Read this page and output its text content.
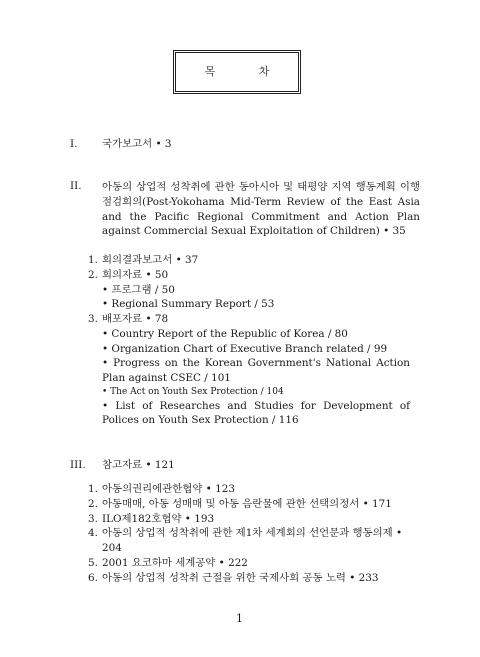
목 차
I.	국가보고서 • 3
II.	아동의 상업적 성착취에 관한 동아시아 및 태평양 지역 행동계획 이행 점검회의(Post-Yokohama Mid-Term Review of the East Asia and the Pacific Regional Commitment and Action Plan against Commercial Sexual Exploitation of Children) • 35
1. 회의결과보고서 • 37
2. 회의자료 • 50
• 프로그램 / 50
• Regional Summary Report / 53
3. 배포자료 • 78
• Country Report of the Republic of Korea / 80
• Organization Chart of Executive Branch related / 99
• Progress on the Korean Government's National Action Plan against CSEC / 101
• The Act on Youth Sex Protection / 104
• List of Researches and Studies for Development of Polices on Youth Sex Protection / 116
III.	참고자료 • 121
1. 아동의권리에관한협약 • 123
2. 아동매매, 아동 성매매 및 아동 음란물에 관한 선택의정서 • 171
3. ILO제182호협약 • 193
4. 아동의 상업적 성착취에 관한 제1차 세계회의 선언문과 행동의제 • 204
5. 2001 요코하마 세계공약 • 222
6. 아동의 상업적 성착취 근절을 위한 국제사회 공동 노력 • 233
1
